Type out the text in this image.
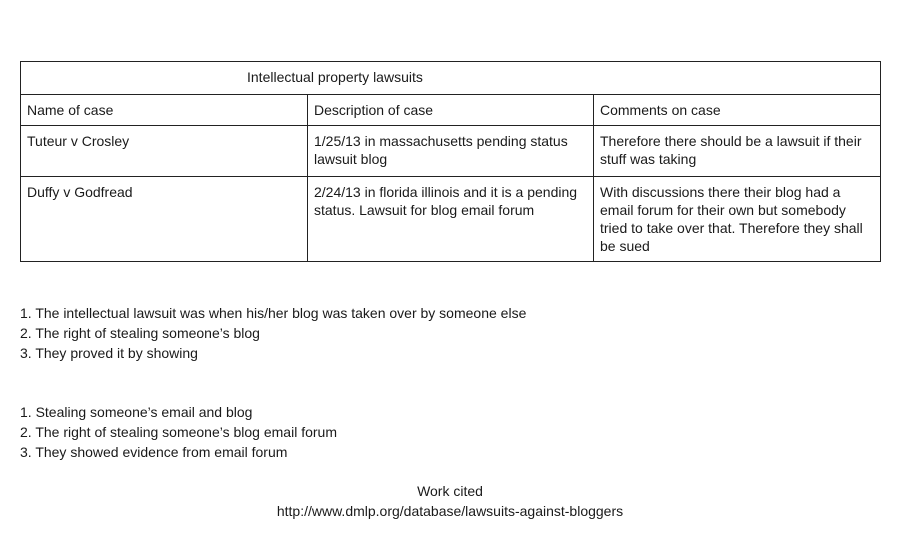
Intellectual property lawsuits		
Name of case	Description of case	Comments on case
Tuteur v Crosley	1/25/13 in massachusetts pending status lawsuit blog	Therefore there should be a lawsuit if their stuff was taking
Duffy v Godfread	2/24/13 in florida illinois and it is a pending status. Lawsuit for blog email forum	With discussions there their blog had a email forum for their own but somebody tried to take over that. Therefore they shall be sued
1. The intellectual lawsuit was when his/her blog was taken over by someone else
2. The right of stealing someone’s blog
3. They proved it by showing
1. Stealing someone’s email and blog
2. The right of stealing someone’s blog email forum
3. They showed evidence from email forum
Work cited
http://www.dmlp.org/database/lawsuits-against-bloggers
